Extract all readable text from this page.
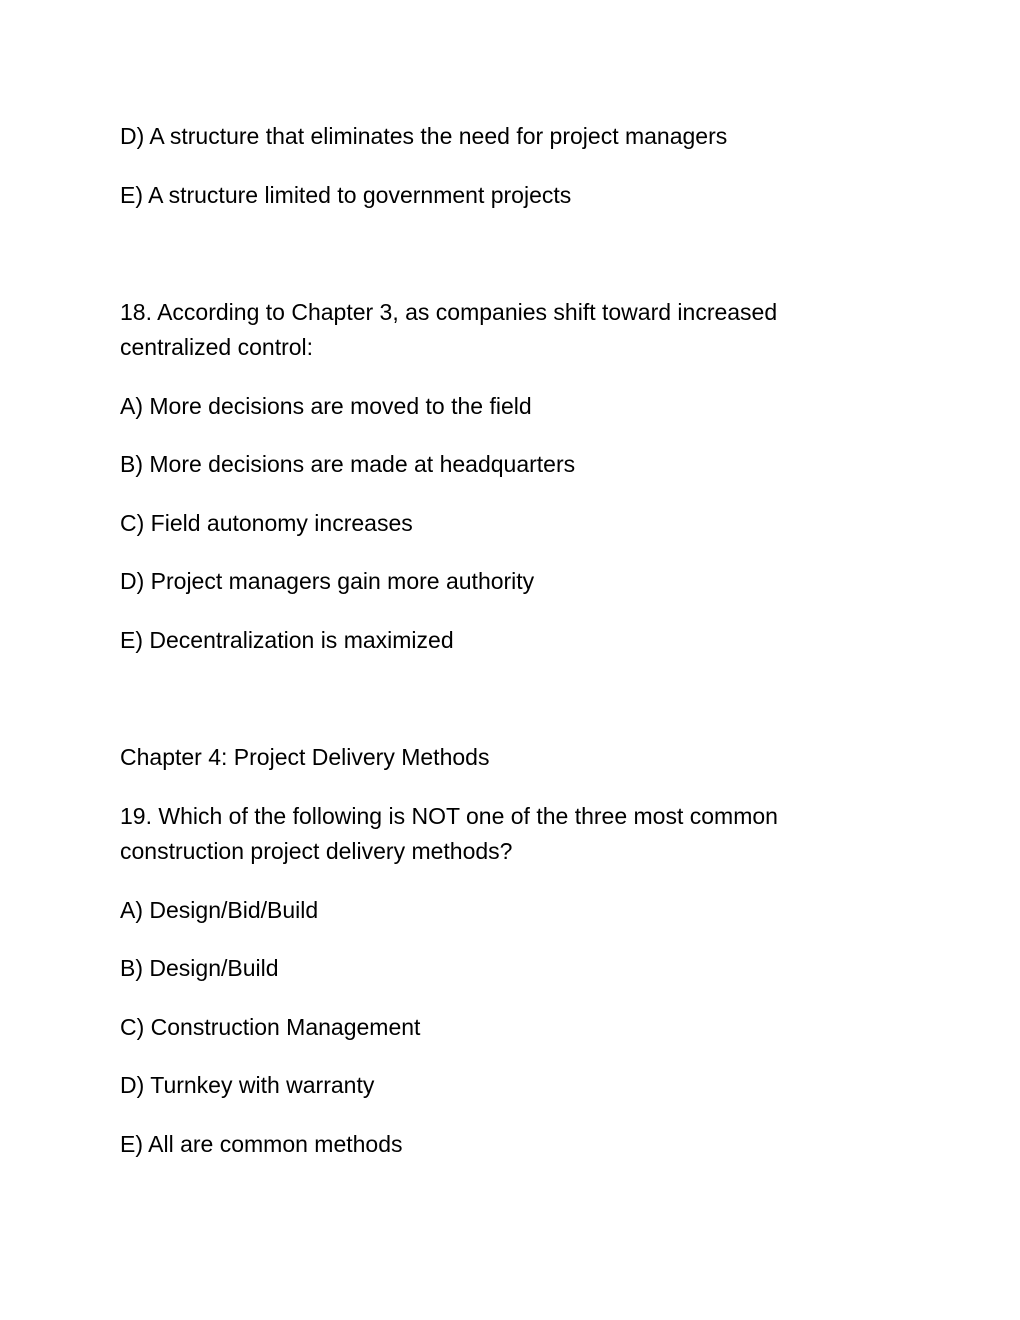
D) A structure that eliminates the need for project managers
E) A structure limited to government projects
18. According to Chapter 3, as companies shift toward increased
centralized control:
A) More decisions are moved to the field
B) More decisions are made at headquarters
C) Field autonomy increases
D) Project managers gain more authority
E) Decentralization is maximized
Chapter 4: Project Delivery Methods
19. Which of the following is NOT one of the three most common
construction project delivery methods?
A) Design/Bid/Build
B) Design/Build
C) Construction Management
D) Turnkey with warranty
E) All are common methods
